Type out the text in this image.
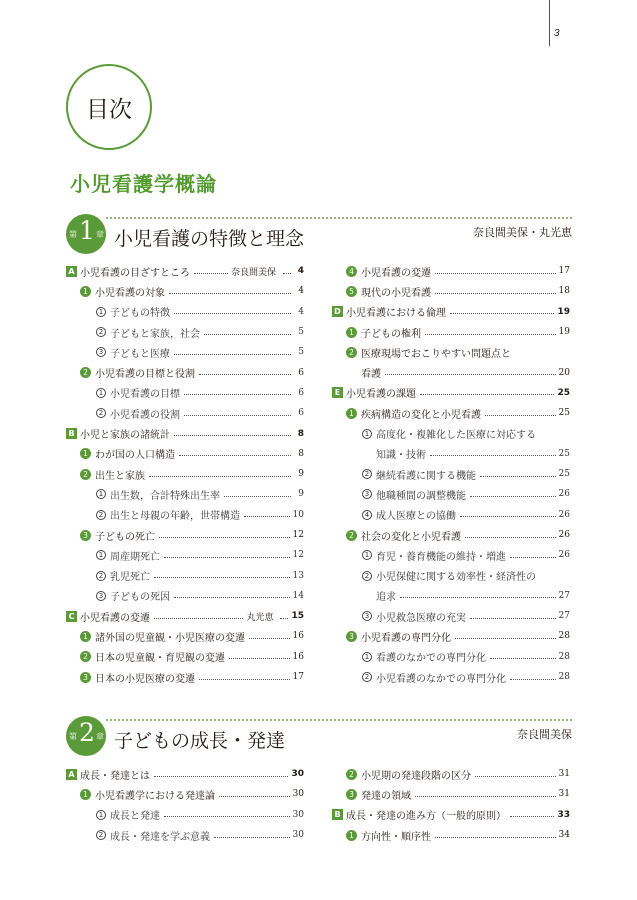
3
目次
小児看護学概論
第 1 章 小児看護の特徴と理念	奈良間美保・丸光恵
A 小児看護の目ざすところ	奈良間美保	4
1 小児看護の対象	4
1 子どもの特徴	4
2 子どもと家族，社会	5
3 子どもと医療	5
2 小児看護の目標と役割	6
1 小児看護の目標	6
2 小児看護の役割	6
B 小児と家族の諸統計	8
1 わが国の人口構造	8
2 出生と家族	9
1 出生数，合計特殊出生率	9
2 出生と母親の年齢，世帯構造	10
3 子どもの死亡	12
1 周産期死亡	12
2 乳児死亡	13
3 子どもの死因	14
C 小児看護の変遷	丸光恵 15
1 諸外国の児童観・小児医療の変遷	16
2 日本の児童観・育児観の変遷	16
3 日本の小児医療の変遷	17
4 小児看護の変遷	17
5 現代の小児看護	18
D 小児看護における倫理	19
1 子どもの権利	19
2 医療現場でおこりやすい問題点と
看護	20
E 小児看護の課題	25
1 疾病構造の変化と小児看護	25
1 高度化・複雑化した医療に対応する
知識・技術	25
2 継続看護に関する機能	25
3 他職種間の調整機能	26
4 成人医療との協働	26
2 社会の変化と小児看護	26
1 育児・養育機能の維持・増進	26
2 小児保健に関する効率性・経済性の
追求	27
3 小児救急医療の充実	27
3 小児看護の専門分化	28
1 看護のなかでの専門分化	28
2 小児看護のなかでの専門分化	28
第 2 章 子どもの成長・発達	奈良間美保
A 成長・発達とは	30
1 小児看護学における発達論	30
1 成長と発達	30
2 成長・発達を学ぶ意義	30
2 小児期の発達段階の区分	31
3 発達の領域	31
B 成長・発達の進み方（一般的原則）	33
1 方向性・順序性	34
